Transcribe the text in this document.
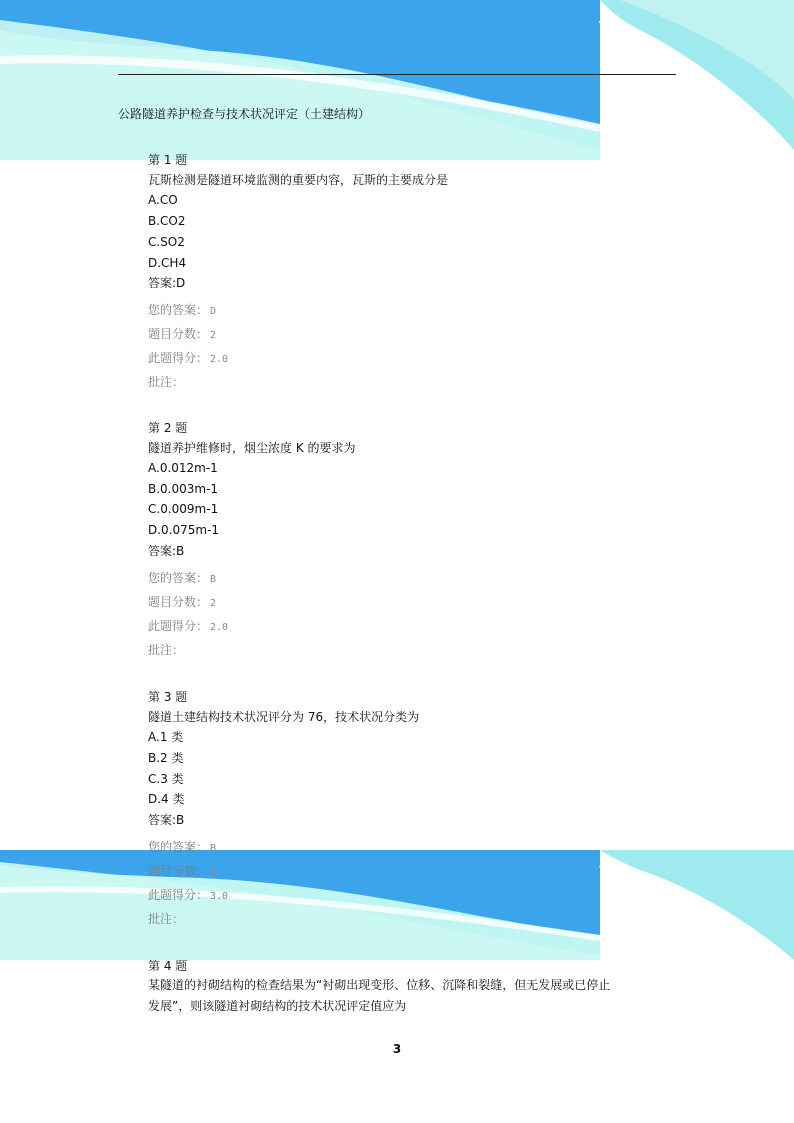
公路隧道养护检查与技术状况评定（土建结构）
第 1 题
瓦斯检测是隧道环境监测的重要内容，瓦斯的主要成分是
A.CO
B.CO2
C.SO2
D.CH4
答案:D
您的答案： D
题目分数： 2
此题得分： 2.0
批注：
第 2 题
隧道养护维修时，烟尘浓度 K 的要求为
A.0.012m-1
B.0.003m-1
C.0.009m-1
D.0.075m-1
答案:B
您的答案： B
题目分数： 2
此题得分： 2.0
批注：
第 3 题
隧道土建结构技术状况评分为 76，技术状况分类为
A.1 类
B.2 类
C.3 类
D.4 类
答案:B
您的答案： B
题目分数： 3
此题得分： 3.0
批注：
第 4 题
某隧道的衬砌结构的检查结果为“衬砌出现变形、位移、沉降和裂缝，但无发展或已停止
发展”，则该隧道衬砌结构的技术状况评定值应为
3
